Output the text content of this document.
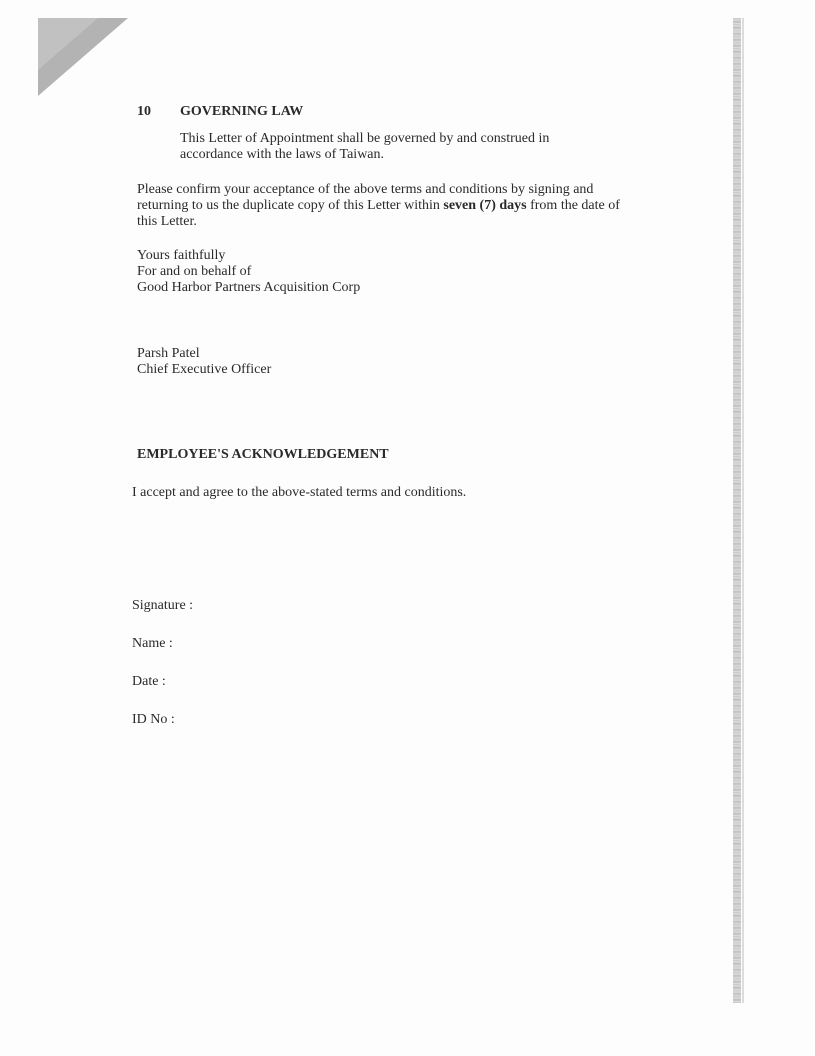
10 GOVERNING LAW
This Letter of Appointment shall be governed by and construed in
accordance with the laws of Taiwan.
Please confirm your acceptance of the above terms and conditions by signing and
returning to us the duplicate copy of this Letter within seven (7) days from the date of
this Letter.
Yours faithfully
For and on behalf of
Good Harbor Partners Acquisition Corp
Parsh Patel
Chief Executive Officer
EMPLOYEE'S ACKNOWLEDGEMENT
I accept and agree to the above-stated terms and conditions.
Signature :
Name :
Date :
ID No :
